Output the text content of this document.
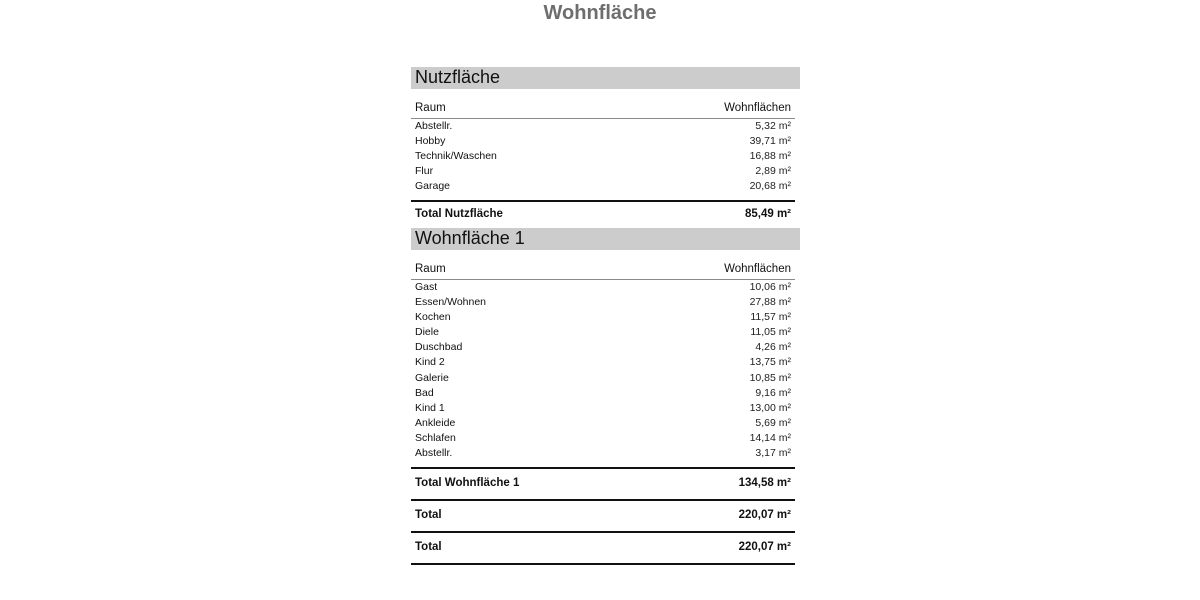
Wohnfläche
Nutzfläche
Raum	Wohnflächen
Abstellr.	5,32 m²
Hobby	39,71 m²
Technik/Waschen	16,88 m²
Flur	2,89 m²
Garage	20,68 m²
Total Nutzfläche	85,49 m²
Wohnfläche 1
Raum	Wohnflächen
Gast	10,06 m²
Essen/Wohnen	27,88 m²
Kochen	11,57 m²
Diele	11,05 m²
Duschbad	4,26 m²
Kind 2	13,75 m²
Galerie	10,85 m²
Bad	9,16 m²
Kind 1	13,00 m²
Ankleide	5,69 m²
Schlafen	14,14 m²
Abstellr.	3,17 m²
Total Wohnfläche 1	134,58 m²
Total	220,07 m²
Total	220,07 m²
